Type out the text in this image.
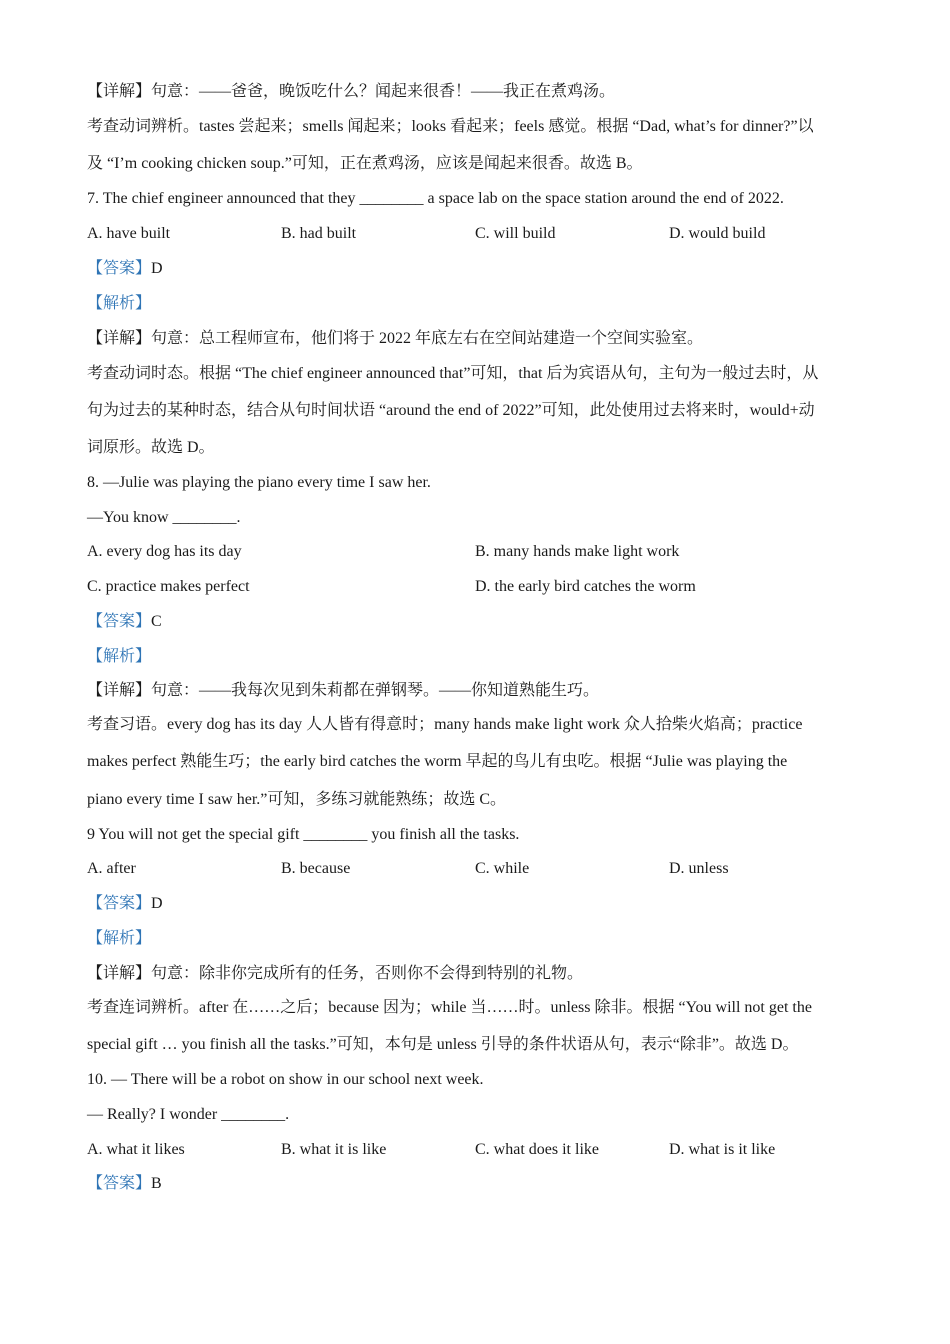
【详解】句意：——爸爸，晚饭吃什么？闻起来很香！——我正在煮鸡汤。
考查动词辨析。tastes 尝起来；smells 闻起来；looks 看起来；feels 感觉。根据 “Dad, what’s for dinner?”以
及 “I’m cooking chicken soup.”可知，正在煮鸡汤，应该是闻起来很香。故选 B。
7. The chief engineer announced that they ________ a space lab on the space station around the end of 2022.
A. have built	B. had built	C. will build	D. would build
【答案】D
【解析】
【详解】句意：总工程师宣布，他们将于 2022 年底左右在空间站建造一个空间实验室。
考查动词时态。根据 “The chief engineer announced that”可知，that 后为宾语从句，主句为一般过去时，从
句为过去的某种时态，结合从句时间状语 “around the end of 2022”可知，此处使用过去将来时，would+动
词原形。故选 D。
8. —Julie was playing the piano every time I saw her.
—You know ________.
A. every dog has its day	B. many hands make light work
C. practice makes perfect	D. the early bird catches the worm
【答案】C
【解析】
【详解】句意：——我每次见到朱莉都在弹钢琴。——你知道熟能生巧。
考查习语。every dog has its day 人人皆有得意时；many hands make light work 众人拾柴火焰高；practice
makes perfect 熟能生巧；the early bird catches the worm 早起的鸟儿有虫吃。根据 “Julie was playing the
piano every time I saw her.”可知，多练习就能熟练；故选 C。
9 You will not get the special gift ________ you finish all the tasks.
A. after	B. because	C. while	D. unless
【答案】D
【解析】
【详解】句意：除非你完成所有的任务，否则你不会得到特别的礼物。
考查连词辨析。after 在……之后；because 因为；while 当……时。unless 除非。根据 “You will not get the
special gift … you finish all the tasks.”可知，本句是 unless 引导的条件状语从句，表示“除非”。故选 D。
10. — There will be a robot on show in our school next week.
— Really? I wonder ________.
A. what it likes	B. what it is like	C. what does it like	D. what is it like
【答案】B
